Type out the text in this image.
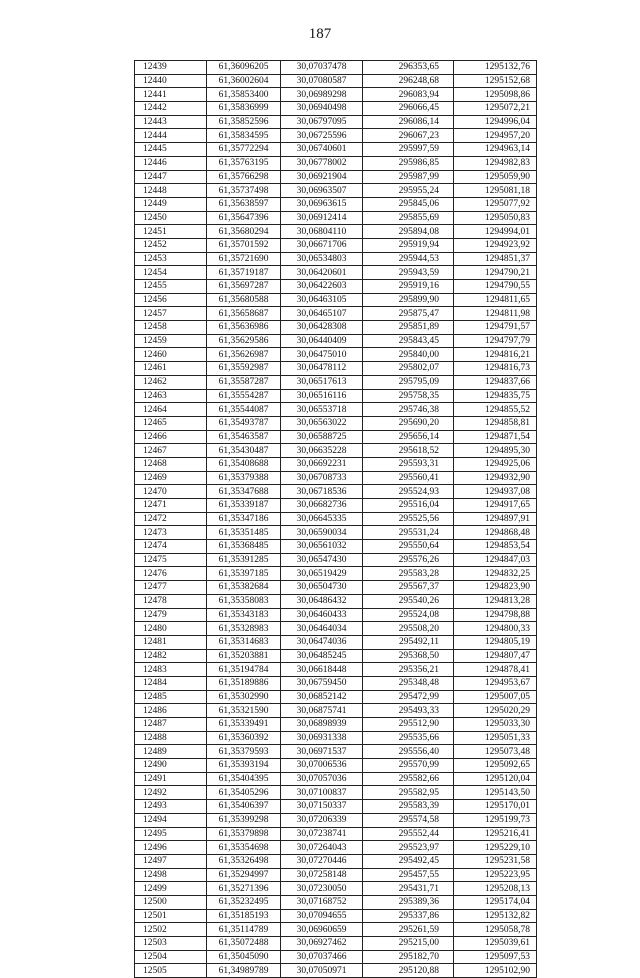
187
12439	61,36096205	30,07037478	296353,65	1295132,76
12440	61,36002604	30,07080587	296248,68	1295152,68
12441	61,35853400	30,06989298	296083,94	1295098,86
12442	61,35836999	30,06940498	296066,45	1295072,21
12443	61,35852596	30,06797095	296086,14	1294996,04
12444	61,35834595	30,06725596	296067,23	1294957,20
12445	61,35772294	30,06740601	295997,59	1294963,14
12446	61,35763195	30,06778002	295986,85	1294982,83
12447	61,35766298	30,06921904	295987,99	1295059,90
12448	61,35737498	30,06963507	295955,24	1295081,18
12449	61,35638597	30,06963615	295845,06	1295077,92
12450	61,35647396	30,06912414	295855,69	1295050,83
12451	61,35680294	30,06804110	295894,08	1294994,01
12452	61,35701592	30,06671706	295919,94	1294923,92
12453	61,35721690	30,06534803	295944,53	1294851,37
12454	61,35719187	30,06420601	295943,59	1294790,21
12455	61,35697287	30,06422603	295919,16	1294790,55
12456	61,35680588	30,06463105	295899,90	1294811,65
12457	61,35658687	30,06465107	295875,47	1294811,98
12458	61,35636986	30,06428308	295851,89	1294791,57
12459	61,35629586	30,06440409	295843,45	1294797,79
12460	61,35626987	30,06475010	295840,00	1294816,21
12461	61,35592987	30,06478112	295802,07	1294816,73
12462	61,35587287	30,06517613	295795,09	1294837,66
12463	61,35554287	30,06516116	295758,35	1294835,75
12464	61,35544087	30,06553718	295746,38	1294855,52
12465	61,35493787	30,06563022	295690,20	1294858,81
12466	61,35463587	30,06588725	295656,14	1294871,54
12467	61,35430487	30,06635228	295618,52	1294895,30
12468	61,35408688	30,06692231	295593,31	1294925,06
12469	61,35379388	30,06708733	295560,41	1294932,90
12470	61,35347688	30,06718536	295524,93	1294937,08
12471	61,35339187	30,06682736	295516,04	1294917,65
12472	61,35347186	30,06645335	295525,56	1294897,91
12473	61,35351485	30,06590034	295531,24	1294868,48
12474	61,35368485	30,06561032	295550,64	1294853,54
12475	61,35391285	30,06547430	295576,26	1294847,03
12476	61,35397185	30,06519429	295583,28	1294832,25
12477	61,35382684	30,06504730	295567,37	1294823,90
12478	61,35358083	30,06486432	295540,26	1294813,28
12479	61,35343183	30,06460433	295524,08	1294798,88
12480	61,35328983	30,06464034	295508,20	1294800,33
12481	61,35314683	30,06474036	295492,11	1294805,19
12482	61,35203881	30,06485245	295368,50	1294807,47
12483	61,35194784	30,06618448	295356,21	1294878,41
12484	61,35189886	30,06759450	295348,48	1294953,67
12485	61,35302990	30,06852142	295472,99	1295007,05
12486	61,35321590	30,06875741	295493,33	1295020,29
12487	61,35339491	30,06898939	295512,90	1295033,30
12488	61,35360392	30,06931338	295535,66	1295051,33
12489	61,35379593	30,06971537	295556,40	1295073,48
12490	61,35393194	30,07006536	295570,99	1295092,65
12491	61,35404395	30,07057036	295582,66	1295120,04
12492	61,35405296	30,07100837	295582,95	1295143,50
12493	61,35406397	30,07150337	295583,39	1295170,01
12494	61,35399298	30,07206339	295574,58	1295199,73
12495	61,35379898	30,07238741	295552,44	1295216,41
12496	61,35354698	30,07264043	295523,97	1295229,10
12497	61,35326498	30,07270446	295492,45	1295231,58
12498	61,35294997	30,07258148	295457,55	1295223,95
12499	61,35271396	30,07230050	295431,71	1295208,13
12500	61,35232495	30,07168752	295389,36	1295174,04
12501	61,35185193	30,07094655	295337,86	1295132,82
12502	61,35114789	30,06960659	295261,59	1295058,78
12503	61,35072488	30,06927462	295215,00	1295039,61
12504	61,35045090	30,07037466	295182,70	1295097,53
12505	61,34989789	30,07050971	295120,88	1295102,90
